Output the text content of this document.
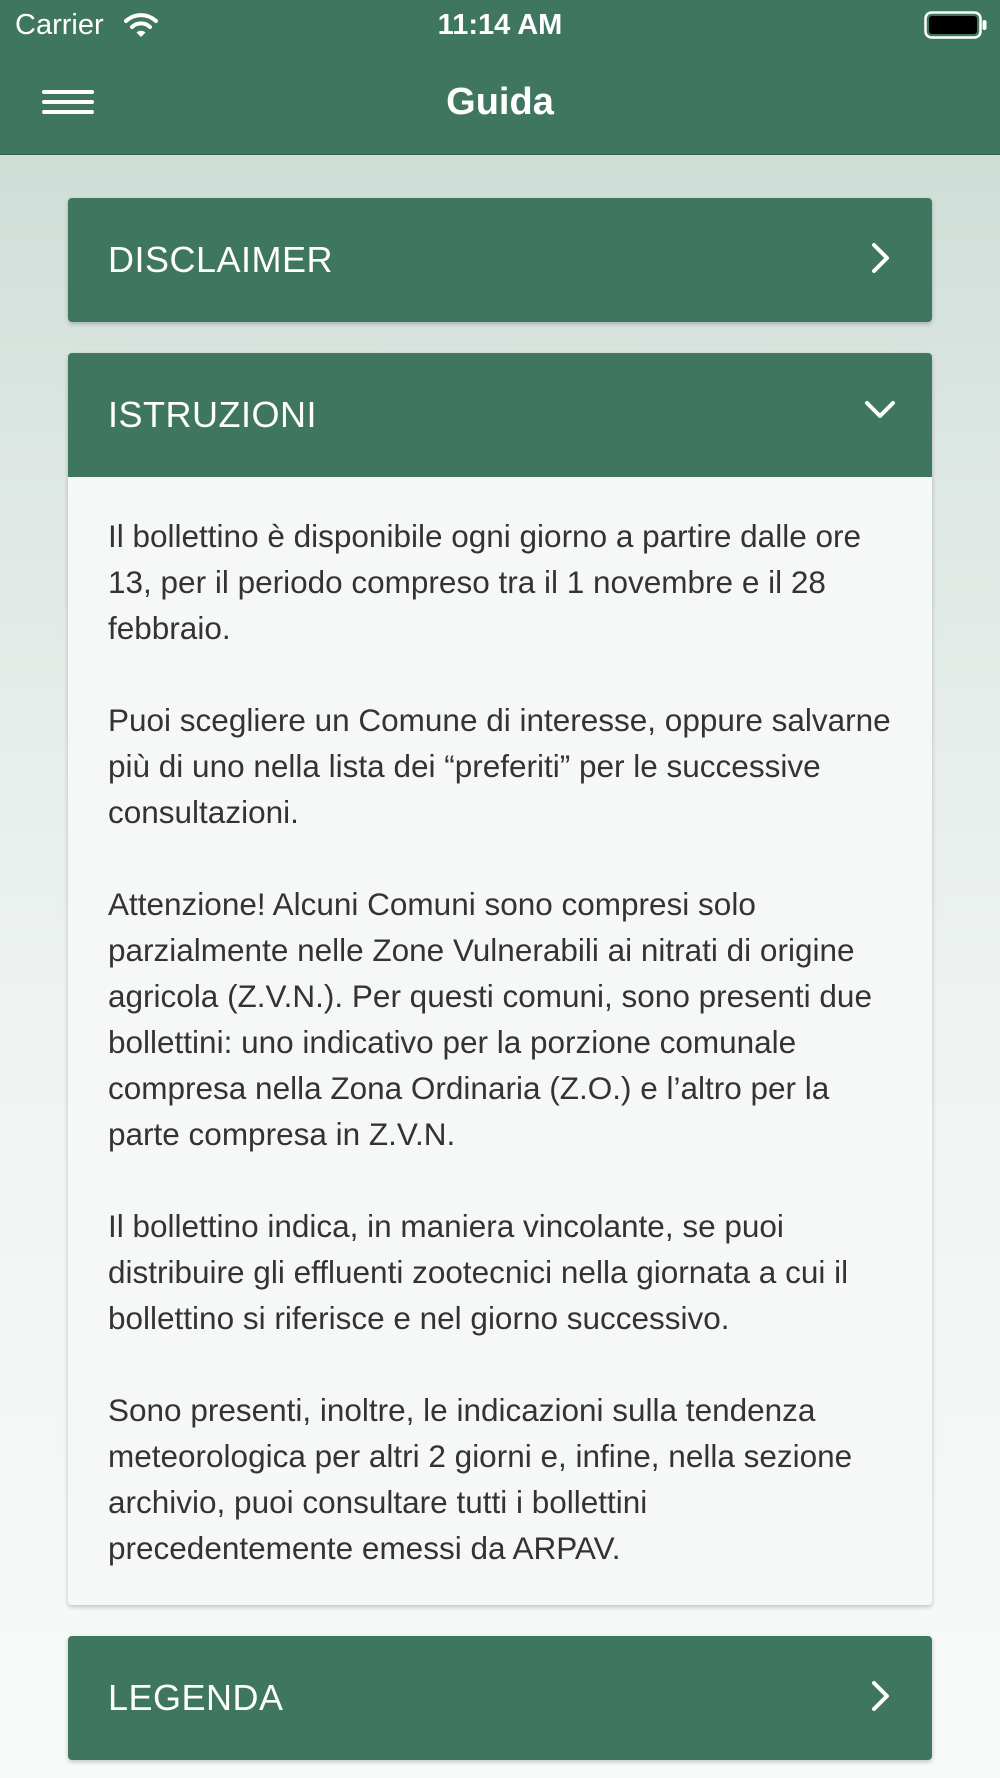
Carrier	11:14 AM
Guida
DISCLAIMER
ISTRUZIONI

Il bollettino è disponibile ogni giorno a partire dalle ore 13, per il periodo compreso tra il 1 novembre e il 28 febbraio.

Puoi scegliere un Comune di interesse, oppure salvarne più di uno nella lista dei “preferiti” per le successive consultazioni.

Attenzione! Alcuni Comuni sono compresi solo parzialmente nelle Zone Vulnerabili ai nitrati di origine agricola (Z.V.N.). Per questi comuni, sono presenti due bollettini: uno indicativo per la porzione comunale compresa nella Zona Ordinaria (Z.O.) e l’altro per la parte compresa in Z.V.N.

Il bollettino indica, in maniera vincolante, se puoi distribuire gli effluenti zootecnici nella giornata a cui il bollettino si riferisce e nel giorno successivo.

Sono presenti, inoltre, le indicazioni sulla tendenza meteorologica per altri 2 giorni e, infine, nella sezione archivio, puoi consultare tutti i bollettini precedentemente emessi da ARPAV.

LEGENDA
